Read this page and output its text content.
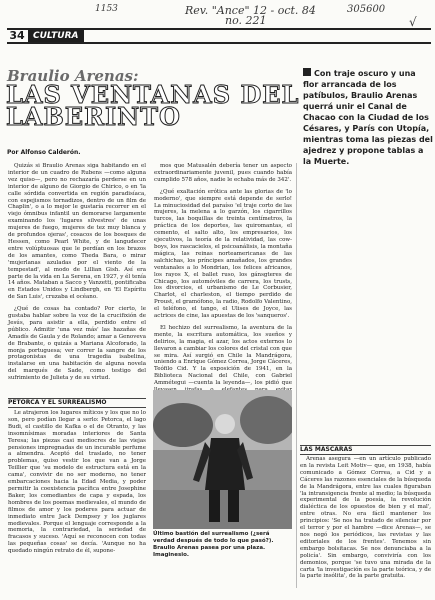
1153	Rev. "Ance" 12 - oct. 84
no. 221
305600
√
34 CULTURA
Braulio Arenas:
LAS VENTANAS DEL LABERINTO
Por Alfonso Calderón.
Con traje oscuro y una flor arrancada de los patíbulos, Braulio Arenas querrá unir el Canal de Chacao con la Ciudad de los Césares, y París con Utopía, mientras toma las piezas del ajedrez y propone tablas a la Muerte.

Quizás si Braulio Arenas siga habitando en el interior de un cuadro de Rubens —como alguna vez quiso—, pero no rechazaría perderse en un interior de alguno de Giorgio de Chirico, o en 'la calle sórdida convertida en región paradisíaca, con espejismos tornadizos, dentro de un film de Chaplin', o a lo mejor le gustaría recorrer en el viejo ómnibus infantil un demorarse largamente examinando los 'lugares silvestres' de unas mujeres de fuego, mujeres de tez muy blanca y de profundos ojeras', cosacos de los bosques de Hessen, como Pearl White, y de langudecer entre volúptuosas que le perdían en los brazos de los amantes, como Theda Bara, o mirar 'mujerlanas azuladas por el viento de la tempestad', al modo de Lillian Gish. Así era parte de la vida en La Serena, en 1927, y él tenía 14 años. Mataban a Sacco y Vanzetti, pontificaba en Estados Unidos y Lindbergh, en 'El Espíritu de San Luis', cruzaba el océano.

¿Qué de cosas ha contado? Por cierto, le gustaba hablar sobre la voz de la crucifixión de Jesús, para asistir a ella, perdido entre el público. Admitir 'una vez más' las hazañas de Amadís de Gaula y de Rolando; amar a Genoveva de Brabante, o quizás a Mariana Alcoforado, la monja portuguesa; ver correr la sangre de los protagonistas de una tragedia isabelina, instalarse en una habitación de alguna novela del marqués de Sade, como testigo del sufrimiento de Julieta y de su virtud.

PETORCA Y EL SURREALISMO

Le atrajeron los lugares míticos y los que no lo son, pero podían llegar a serlo: Petorca, el lago Budi, el castillo de Kafka o el de Otranto, y las insomnísimas moradas interiores de Santa Teresa; las piezas casi mediocres de las viejas pensiones impregnadas de un incurable perfume a almendra. Aceptó del traslado, no tener problemas, quiso vestir los que van a Jorge Teillier que 'su modelo de estructura está en la cama', convivir de no ser moderno, no tener embarcaciones hacia la Edad Media, y poder permitir la coexistencia pacífica entre Josephine Baker, los comediantes de capa y espada, los hombres de los poemas medievales, el mundo de filmos de amor y los poderes para actuar de inmediato entre Jack Dempsey y los juglares medievales. Porque el lenguaje corresponde a la memoria, la contrariedad, la seriedad de fracasos y suceso. 'Aquí se reconocen con todas las pequeñas cosas' se decía. 'Aunque no ha quedado ningún retrato de él, supone-

mos que Matusalén debería tener un aspecto extraordinariamente juvenil, pues cuando había cumplido 578 años, nadie le echaba más de 342'.

¿Qué exaltación erótica ante las glorias de 'lo moderno', que siempre está depende de serlo! La minuciosidad del paraíso 'el traje corto de las mujeres, la melena a lo garzón, los cigarrillos turcos, las boquillas de treinta centímetros, la práctica de los deportes, las quiromantas, el cemento, el salto alto, los empresarios, los ejecutivos, la teoría de la relatividad, las cow-boys, los rascacielos, el psicoanálisis, la montaña mágica, las reinas norteamericanas de las salchichas, los príncipes amañados, los grandes ventanales a lo Mondrian, los felices africanos, los rayos X, el ballet ruso, los gánsgteres de Chicago, los automóviles de carrera, los trusts, los divorcios, el urbanismo de Le Corbusier, Charlot, el charleston, el tiempo perdido de Proust, el gramófono, la radio, Rodolfo Valentino, el teléfono, el tango, el Ulises de Joyce, las actrices de cine, las apuestas de los 'sanqueros'.

El hechizo del surrealismo, la aventura de la mente, la escritura automática, los sueños y delirios, la magia, el azar, los actos externos lo llevaron a cambiar los colores del cristal con que se mira. Así surgió en Chile la Mandrágora, uniendo a Enrique Gómez Correa, Jorge Cáceres, Teófilo Cid. Y la exposición de 1941, en la Biblioteca Nacional del Chile, con Gabriel Ammétegui —cuenta la leyenda—, los pidió que

Último bastión del surrealismo (¿será verdad después de todo lo que pasó?). Braulio Arenas pasea por una plaza. Imaginesio.
LAS MASCARAS

Arenas asegura —en un artículo publicado en la revista Leit Motiv— que, en 1938, había comunicado a Gómez Correa, a Cid y a Cáceres las razones esenciales de la búsqueda de la Mandrágora, entre las cuales figuraban 'la intransigencia frente al medio; la búsqueda experimental de la poesía, la revolución dialéctica de los opuestos de bien y el mal', entre otras. No era fácil mantener los principios: 'Se nos ha tratado de silenciar por el terror y por el hambre —dice Arenas—, se nos negó los periódicos, las revistas y las editoriales de los frentes'. Tenemos sin embargo bolsitacas. Se nos denunciaba a la policía'. Sin embargo, conviviría con los demonios, porque 'se tuvo una mirada de la carta 'la investigación es la parte teórica, y de la parte insólita', de la parte gratuita.
